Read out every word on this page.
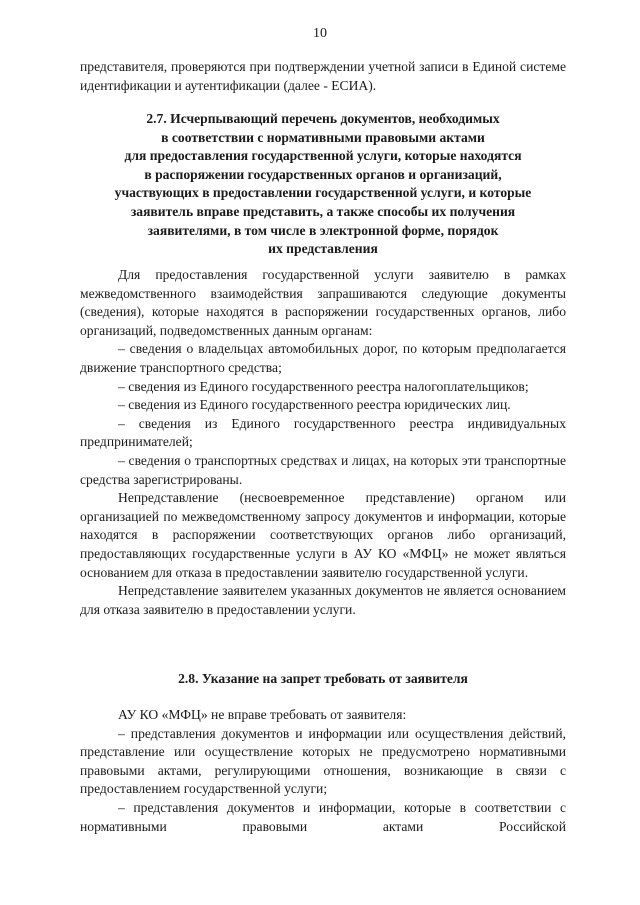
10

представителя, проверяются при подтверждении учетной записи в Единой системе идентификации и аутентификации (далее - ЕСИА).

2.7. Исчерпывающий перечень документов, необходимых

в соответствии с нормативными правовыми актами

для предоставления государственной услуги, которые находятся

в распоряжении государственных органов и организаций,

участвующих в предоставлении государственной услуги, и которые

заявитель вправе представить, а также способы их получения

заявителями, в том числе в электронной форме, порядок

их представления

Для предоставления государственной услуги заявителю в рамках межведомственного взаимодействия запрашиваются следующие документы (сведения), которые находятся в распоряжении государственных органов, либо организаций, подведомственных данным органам:

– сведения о владельцах автомобильных дорог, по которым предполагается движение транспортного средства;

– сведения из Единого государственного реестра налогоплательщиков;

– сведения из Единого государственного реестра юридических лиц.

– сведения из Единого государственного реестра индивидуальных предпринимателей;

– сведения о транспортных средствах и лицах, на которых эти транспортные средства зарегистрированы.

Непредставление (несвоевременное представление) органом или организацией по межведомственному запросу документов и информации, которые находятся в распоряжении соответствующих органов либо организаций, предоставляющих государственные услуги в АУ КО «МФЦ» не может являться основанием для отказа в предоставлении заявителю государственной услуги.

Непредставление заявителем указанных документов не является основанием для отказа заявителю в предоставлении услуги.

2.8. Указание на запрет требовать от заявителя

АУ КО «МФЦ» не вправе требовать от заявителя:

– представления документов и информации или осуществления действий, представление или осуществление которых не предусмотрено нормативными правовыми актами, регулирующими отношения, возникающие в связи с предоставлением государственной услуги;

– представления документов и информации, которые в соответствии с нормативными правовыми актами Российской
